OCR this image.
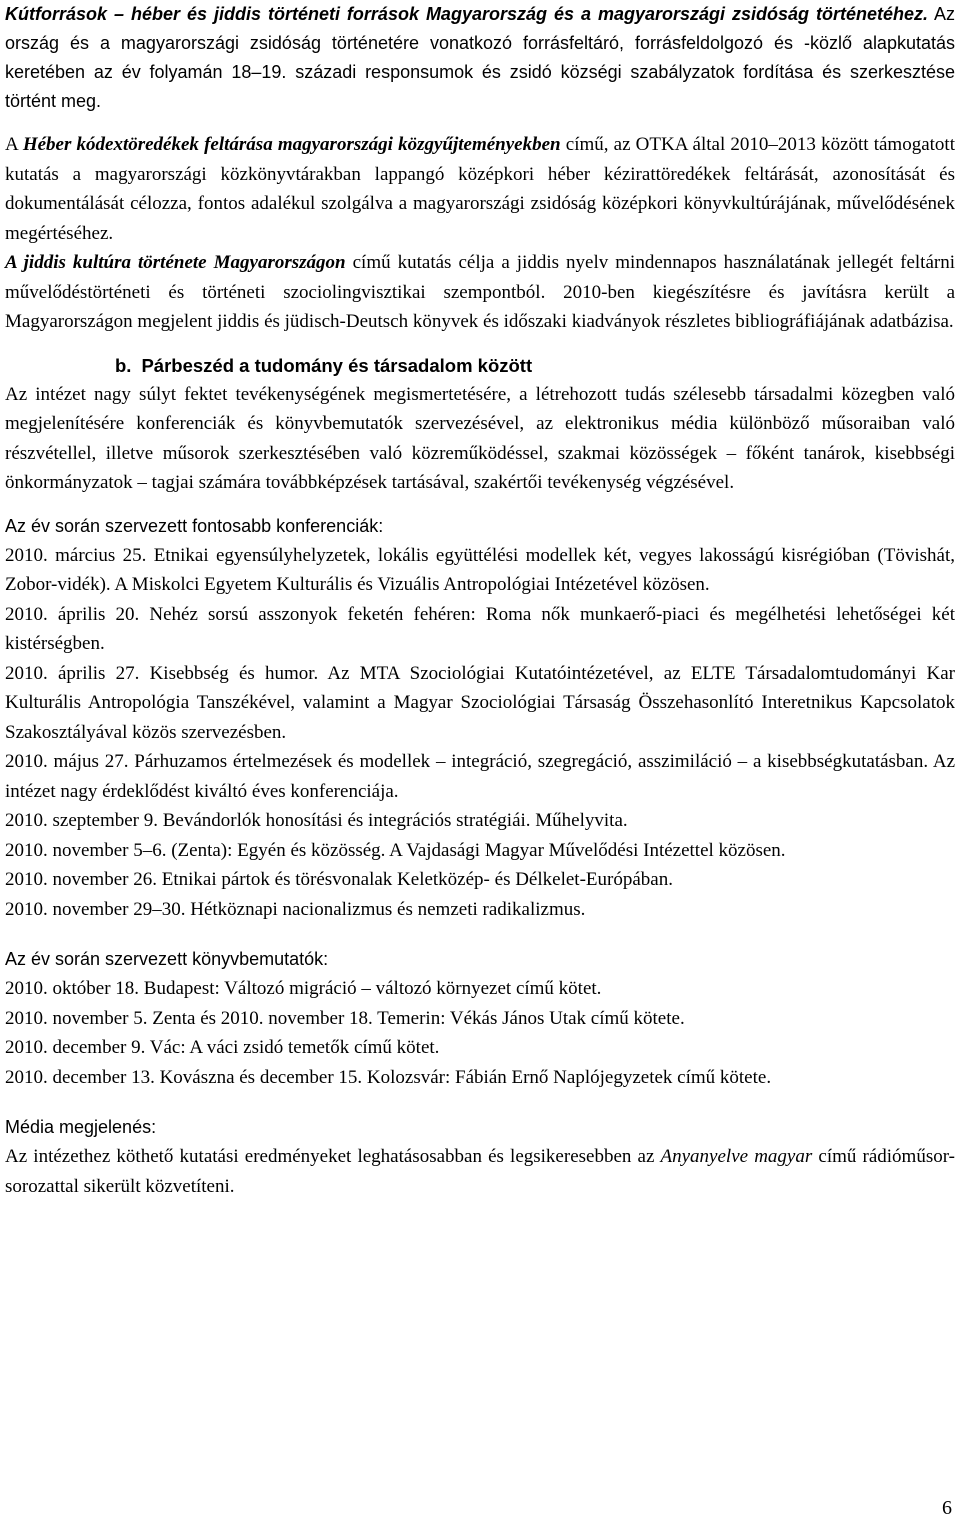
Kútforrások – héber és jiddis történeti források Magyarország és a magyarországi zsidóság történetéhez. Az ország és a magyarországi zsidóság történetére vonatkozó forrásfeltáró, forrásfeldolgozó és -közlő alapkutatás keretében az év folyamán 18–19. századi responsumok és zsidó községi szabályzatok fordítása és szerkesztése történt meg.

A Héber kódextöredékek feltárása magyarországi közgyűjteményekben című, az OTKA által 2010–2013 között támogatott kutatás a magyarországi közkönyvtárakban lappangó középkori héber kézirattöredékek feltárását, azonosítását és dokumentálását célozza, fontos adalékul szolgálva a magyarországi zsidóság középkori könyvkultúrájának, művelődésének megértéséhez.

A jiddis kultúra története Magyarországon című kutatás célja a jiddis nyelv mindennapos használatának jellegét feltárni művelődéstörténeti és történeti szociolingvisztikai szempontból. 2010-ben kiegészítésre és javításra került a Magyarországon megjelent jiddis és jüdisch-Deutsch könyvek és időszaki kiadványok részletes bibliográfiájának adatbázisa.

b. Párbeszéd a tudomány és társadalom között

Az intézet nagy súlyt fektet tevékenységének megismertetésére, a létrehozott tudás szélesebb társadalmi közegben való megjelenítésére konferenciák és könyvbemutatók szervezésével, az elektronikus média különböző műsoraiban való részvétellel, illetve műsorok szerkesztésében való közreműködéssel, szakmai közösségek – főként tanárok, kisebbségi önkormányzatok – tagjai számára továbbképzések tartásával, szakértői tevékenység végzésével.

Az év során szervezett fontosabb konferenciák:

2010. március 25. Etnikai egyensúlyhelyzetek, lokális együttélési modellek két, vegyes lakosságú kisrégióban (Tövishát, Zobor-vidék). A Miskolci Egyetem Kulturális és Vizuális Antropológiai Intézetével közösen.

2010. április 20. Nehéz sorsú asszonyok feketén fehéren: Roma nők munkaerő-piaci és megélhetési lehetőségei két kistérségben.

2010. április 27. Kisebbség és humor. Az MTA Szociológiai Kutatóintézetével, az ELTE Társadalomtudományi Kar Kulturális Antropológia Tanszékével, valamint a Magyar Szociológiai Társaság Összehasonlító Interetnikus Kapcsolatok Szakosztályával közös szervezésben.

2010. május 27. Párhuzamos értelmezések és modellek – integráció, szegregáció, asszimiláció – a kisebbségkutatásban. Az intézet nagy érdeklődést kiváltó éves konferenciája.

2010. szeptember 9. Bevándorlók honosítási és integrációs stratégiái. Műhelyvita.

2010. november 5–6. (Zenta): Egyén és közösség. A Vajdasági Magyar Művelődési Intézettel közösen.

2010. november 26. Etnikai pártok és törésvonalak Keletközép- és Délkelet-Európában.

2010. november 29–30. Hétköznapi nacionalizmus és nemzeti radikalizmus.

Az év során szervezett könyvbemutatók:

2010. október 18. Budapest: Változó migráció – változó környezet című kötet.

2010. november 5. Zenta és 2010. november 18. Temerin: Vékás János Utak című kötete.

2010. december 9. Vác: A váci zsidó temetők című kötet.

2010. december 13. Kovászna és december 15. Kolozsvár: Fábián Ernő Naplójegyzetek című kötete.

Média megjelenés:

Az intézethez köthető kutatási eredményeket leghatásosabban és legsikeresebben az Anyanyelve magyar című rádióműsor-sorozattal sikerült közvetíteni.

6
